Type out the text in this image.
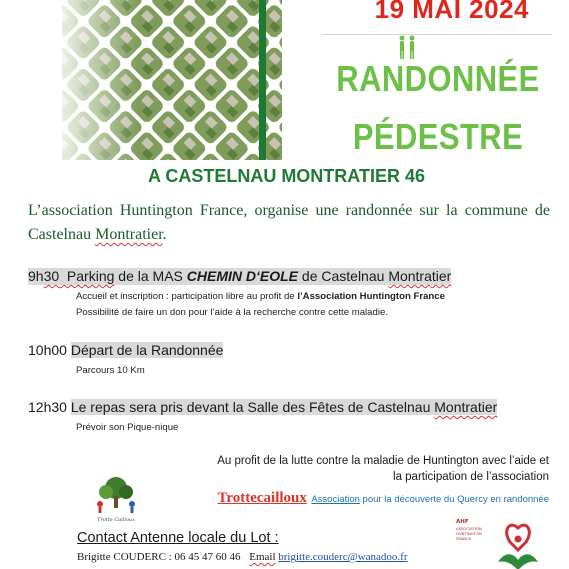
19 MAI 2024
RANDONNÉE
PÉDESTRE
A CASTELNAU MONTRATIER 46

L’association Huntington France, organise une randonnée sur la commune de Castelnau Montratier.

9h30  Parking de la MAS CHEMIN D‘EOLE de Castelnau Montratier
Accueil et inscription : participation libre au profit de l’Association Huntington France
Possibilité de faire un don pour l’aide à la recherche contre cette maladie.
10h00 Départ de la Randonnée
Parcours 10 Km
12h30 Le repas sera pris devant la Salle des Fêtes de Castelnau Montratier
Prévoir son Pique-nique
Au profit de la lutte contre la maladie de Huntington avec l’aide et
la participation de l’association
Trotte Cailloux
Trottecailloux Association pour la découverte du Quercy en randonnée
Contact Antenne locale du Lot :
Brigitte COUDERC : 06 45 47 60 46 Email brigitte.couderc@wanadoo.fr
AHF
ASSOCIATION
HUNTINGTON
FRANCE
